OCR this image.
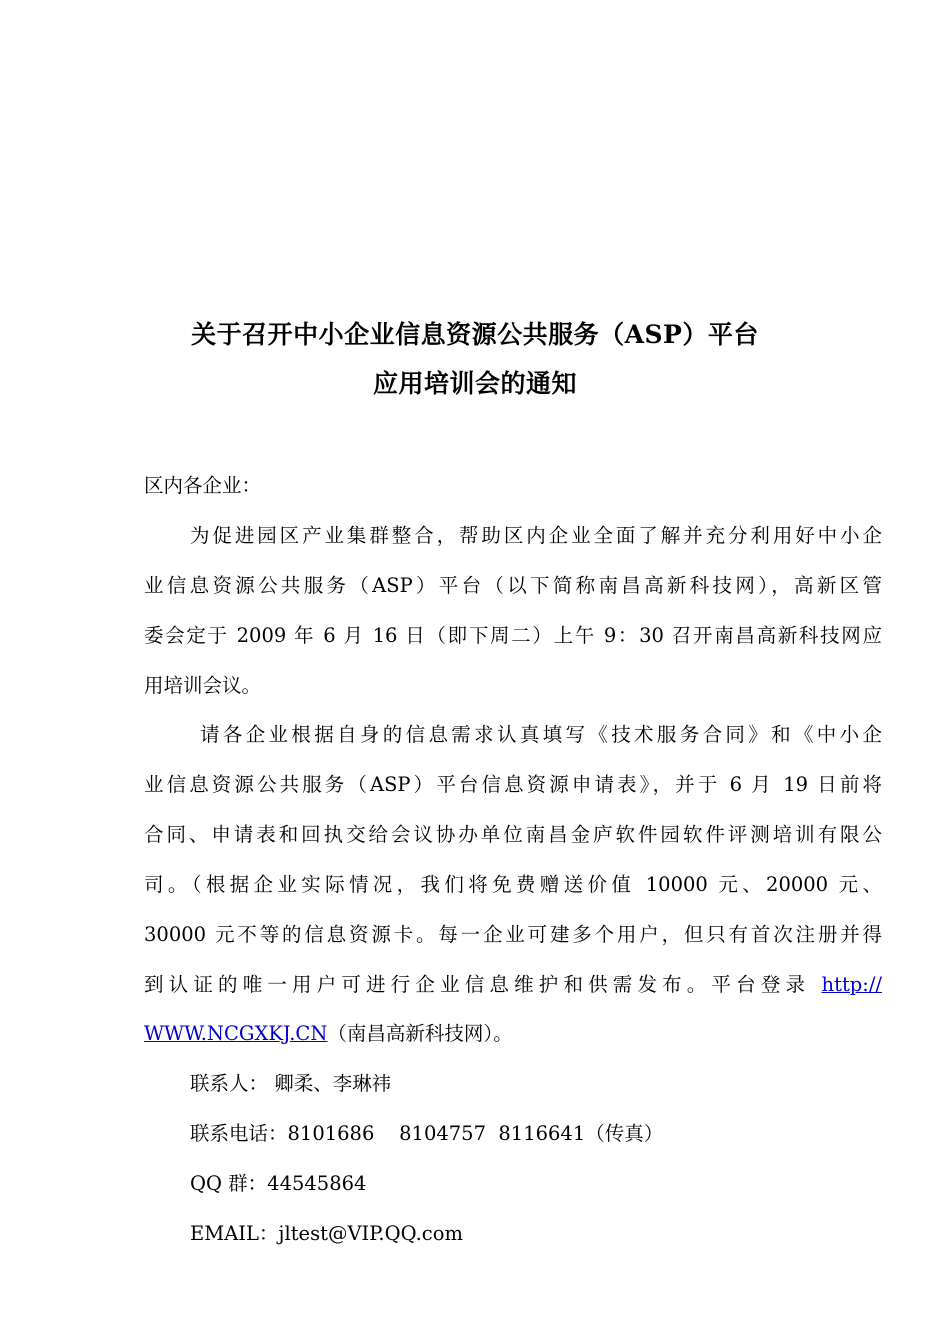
关于召开中小企业信息资源公共服务（ASP）平台
应用培训会的通知
区内各企业：
为促进园区产业集群整合，帮助区内企业全面了解并充分利用好中小企
业信息资源公共服务（ASP）平台（以下简称南昌高新科技网），高新区管
委会定于 2009 年 6 月 16 日（即下周二）上午 9：30 召开南昌高新科技网应
用培训会议。
请各企业根据自身的信息需求认真填写《技术服务合同》和《中小企
业信息资源公共服务（ASP）平台信息资源申请表》，并于 6 月 19 日前将
合同、申请表和回执交给会议协办单位南昌金庐软件园软件评测培训有限公
司。（根据企业实际情况，我们将免费赠送价值 10000 元、20000 元、
30000 元不等的信息资源卡。每一企业可建多个用户，但只有首次注册并得
到认证的唯一用户可进行企业信息维护和供需发布。平台登录 http://
WWW.NCGXKJ.CN（南昌高新科技网）。
联系人： 卿柔、李琳祎
联系电话：8101686    8104757  8116641（传真）
QQ 群：44545864
EMAIL：jltest@VIP.QQ.com
